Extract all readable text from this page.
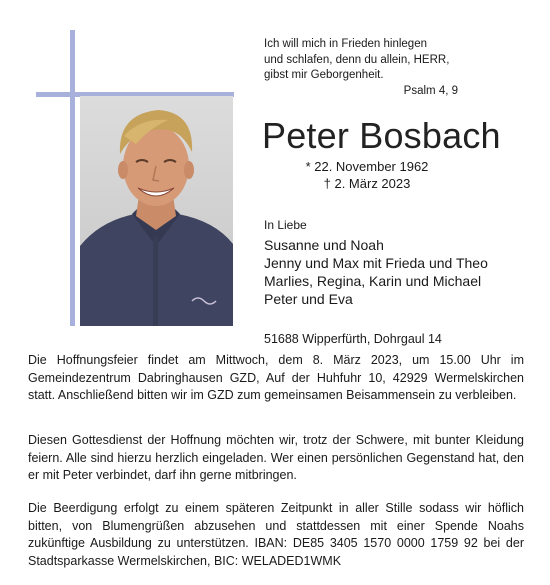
Ich will mich in Frieden hinlegen
und schlafen, denn du allein, HERR,
gibst mir Geborgenheit.
Psalm 4, 9
Peter Bosbach
* 22. November 1962
† 2. März 2023
In Liebe
Susanne und Noah
Jenny und Max mit Frieda und Theo
Marlies, Regina, Karin und Michael
Peter und Eva
51688 Wipperfürth, Dohrgaul 14
Die Hoffnungsfeier findet am Mittwoch, dem 8. März 2023, um 15.00 Uhr im Gemeindezentrum Dabringhausen GZD, Auf der Huhfuhr 10, 42929 Wermelskirchen statt. Anschließend bitten wir im GZD zum gemeinsamen Beisammensein zu verbleiben.
Diesen Gottesdienst der Hoffnung möchten wir, trotz der Schwere, mit bunter Kleidung feiern. Alle sind hierzu herzlich eingeladen. Wer einen persönlichen Gegenstand hat, den er mit Peter verbindet, darf ihn gerne mitbringen.
Die Beerdigung erfolgt zu einem späteren Zeitpunkt in aller Stille sodass wir höflich bitten, von Blumengrüßen abzusehen und stattdessen mit einer Spende Noahs zukünftige Ausbildung zu unterstützen. IBAN: DE85 3405 1570 0000 1759 92 bei der Stadtsparkasse Wermelskirchen, BIC: WELADED1WMK
